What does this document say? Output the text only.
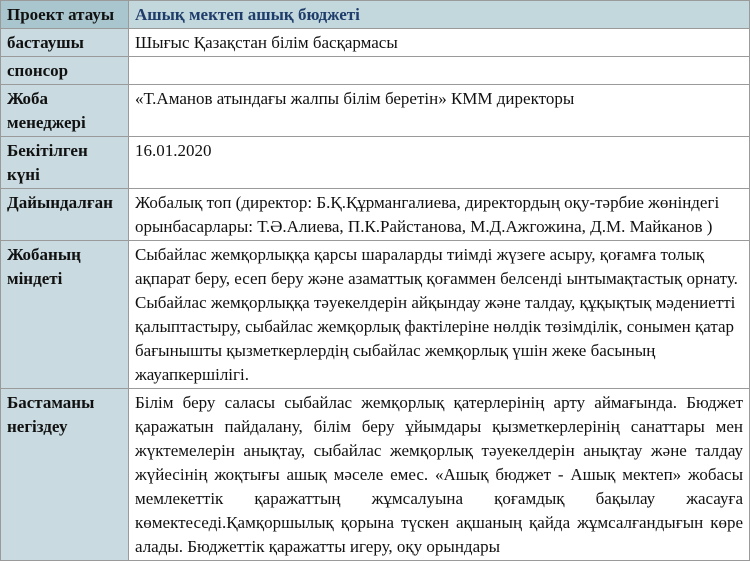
Проект атауы	Ашық мектеп ашық бюджеті
бастаушы	Шығыс Қазақстан білім басқармасы
спонсор	
Жоба менеджері	«Т.Аманов атындағы жалпы білім беретін» КММ директоры
Бекітілген күні	16.01.2020
Дайындалған	Жобалық топ (директор: Б.Қ.Құрмангалиева, директордың оқу-тәрбие жөніндегі орынбасарлары: Т.Ә.Алиева, П.К.Райстанова, М.Д.Ажгожина, Д.М. Майканов )
Жобаның міндеті	Сыбайлас жемқорлыққа қарсы шараларды тиімді жүзеге асыру, қоғамға толық ақпарат беру, есеп беру және азаматтық қоғаммен белсенді ынтымақтастық орнату. Сыбайлас жемқорлыққа тәуекелдерін айқындау және талдау, құқықтық мәдениетті қалыптастыру, сыбайлас жемқорлық фактілеріне нөлдік төзімділік, сонымен қатар бағынышты қызметкерлердің сыбайлас жемқорлық үшін жеке басының жауапкершілігі.
Бастаманы негіздеу	Білім беру саласы сыбайлас жемқорлық қатерлерінің арту аймағында. Бюджет қаражатын пайдалану, білім беру ұйымдары қызметкерлерінің санаттары мен жүктемелерін анықтау, сыбайлас жемқорлық тәуекелдерін анықтау және талдау жүйесінің жоқтығы ашық мәселе емес. «Ашық бюджет - Ашық мектеп» жобасы мемлекеттік қаражаттың жұмсалуына қоғамдық бақылау жасауға көмектеседі.Қамқоршылық қорына түскен ақшаның қайда жұмсалғандығын көре алады. Бюджеттік қаражатты игеру, оқу орындары
